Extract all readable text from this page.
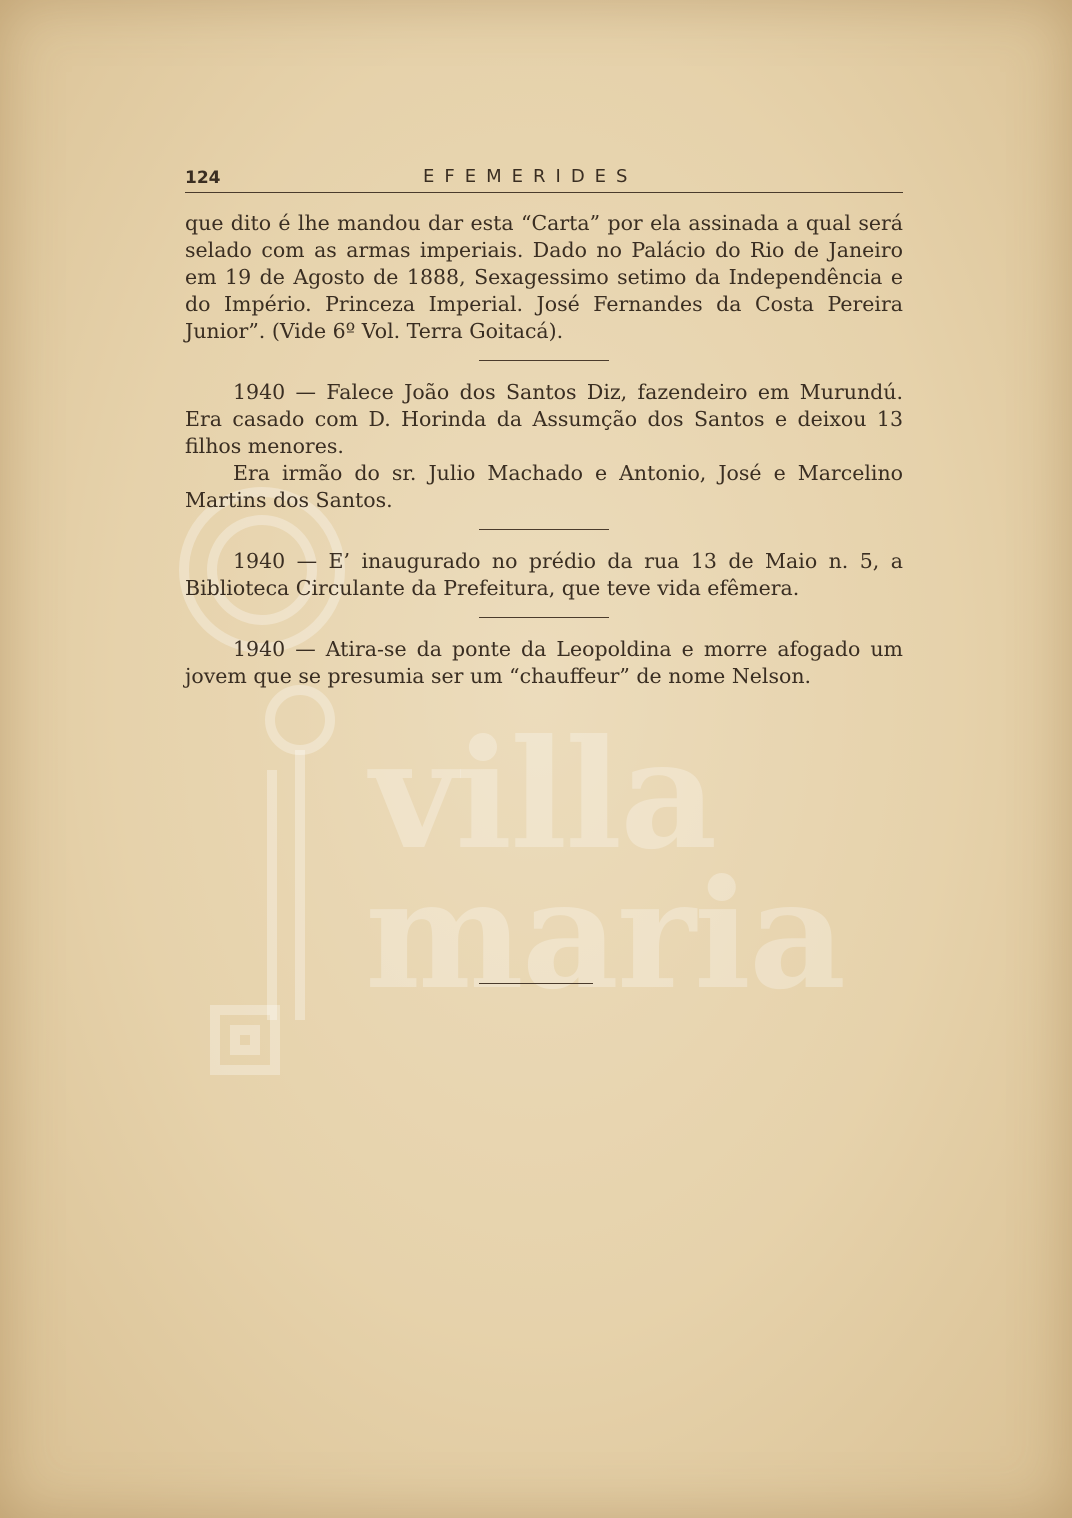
villa
maria
124	EFEMERIDES

que dito é lhe mandou dar esta “Carta” por ela assinada a qual será selado com as armas imperiais. Dado no Palácio do Rio de Janeiro em 19 de Agosto de 1888, Sexagessimo setimo da Independência e do Império. Princeza Imperial. José Fernandes da Costa Pereira Junior”. (Vide 6º Vol. Terra Goitacá).

1940 — Falece João dos Santos Diz, fazendeiro em Murundú. Era casado com D. Horinda da Assumção dos Santos e deixou 13 filhos menores.

Era irmão do sr. Julio Machado e Antonio, José e Marcelino Martins dos Santos.

1940 — E’ inaugurado no prédio da rua 13 de Maio n. 5, a Biblioteca Circulante da Prefeitura, que teve vida efêmera.

1940 — Atira-se da ponte da Leopoldina e morre afogado um jovem que se presumia ser um “chauffeur” de nome Nelson.
